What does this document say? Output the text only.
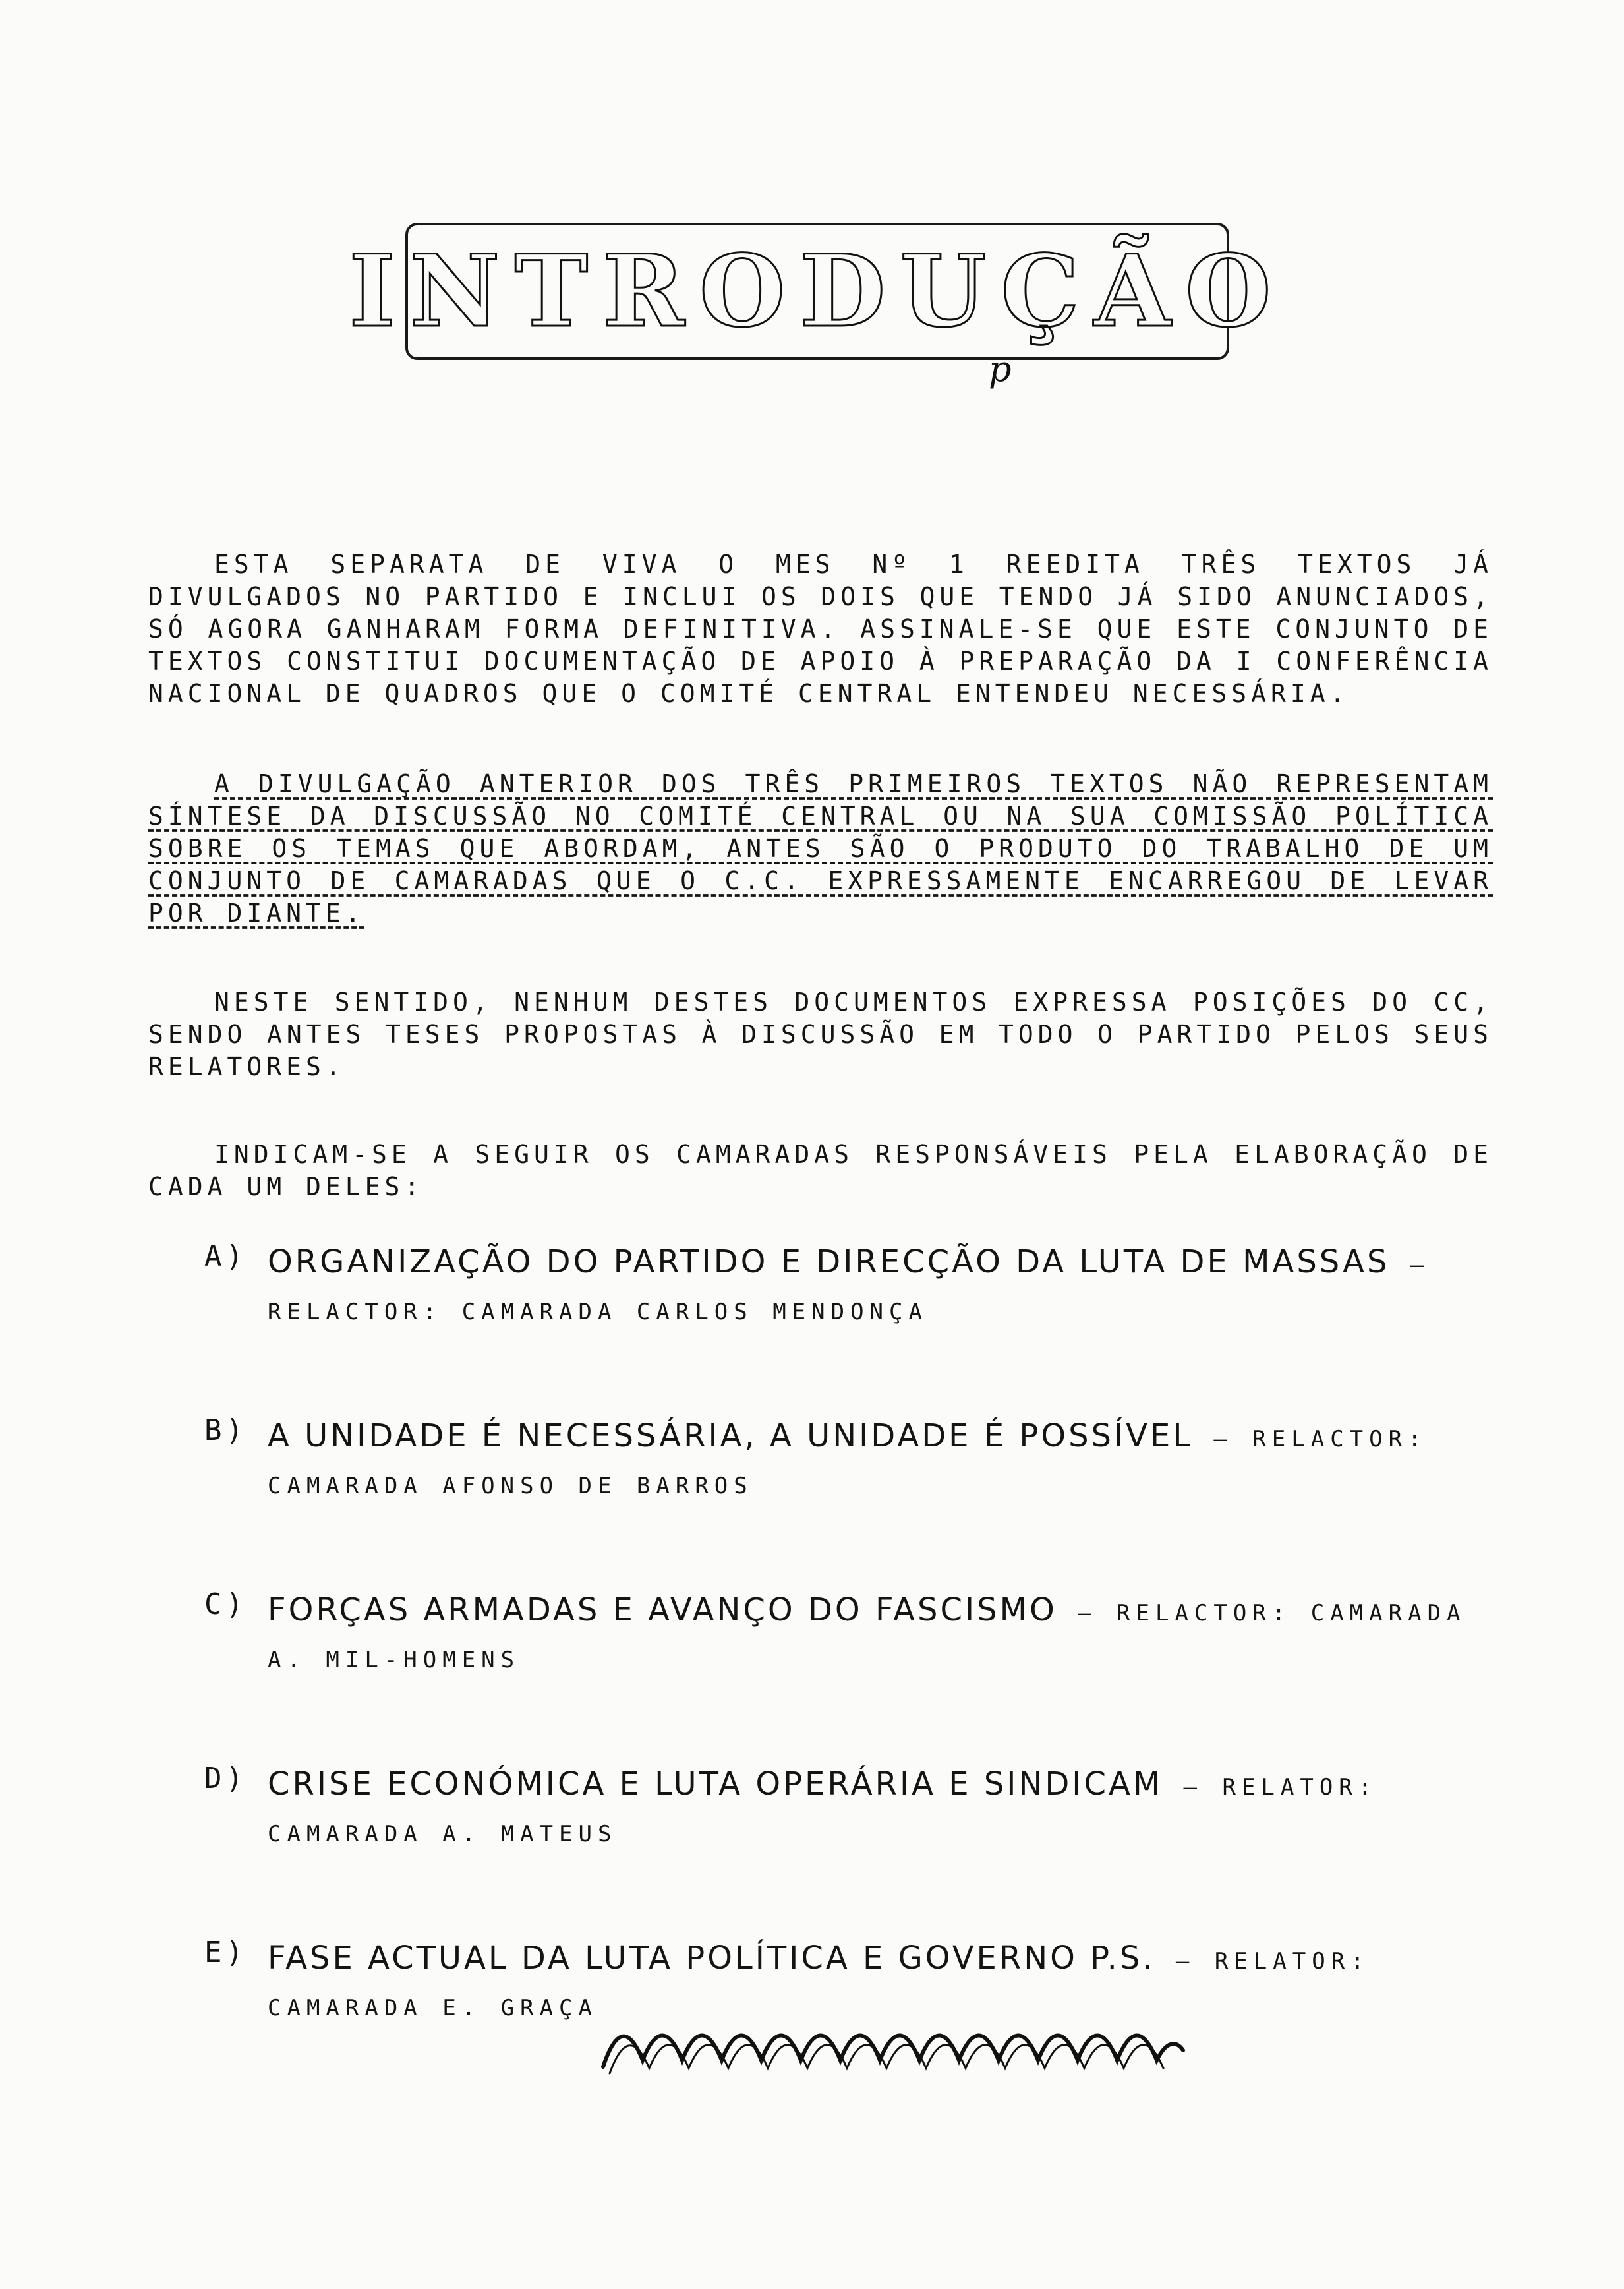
INTRODUÇÃO
p

ESTA SEPARATA DE VIVA O MES Nº 1 REEDITA TRÊS TEXTOS JÁ DIVULGADOS NO PARTIDO E INCLUI OS DOIS QUE TENDO JÁ SIDO ANUNCIADOS, SÓ AGORA GANHARAM FORMA DEFINITIVA. ASSINALE-SE QUE ESTE CONJUNTO DE TEXTOS CONSTITUI DOCUMENTAÇÃO DE APOIO À PREPARAÇÃO DA I CONFERÊNCIA NACIONAL DE QUADROS QUE O COMITÉ CENTRAL ENTENDEU NECESSÁRIA.

A DIVULGAÇÃO ANTERIOR DOS TRÊS PRIMEIROS TEXTOS NÃO REPRESENTAM SÍNTESE DA DISCUSSÃO NO COMITÉ CENTRAL OU NA SUA COMISSÃO POLÍTICA SOBRE OS TEMAS QUE ABORDAM, ANTES SÃO O PRODUTO DO TRABALHO DE UM CONJUNTO DE CAMARADAS QUE O C.C. EXPRESSAMENTE ENCARREGOU DE LEVAR POR DIANTE.

NESTE SENTIDO, NENHUM DESTES DOCUMENTOS EXPRESSA POSIÇÕES DO CC, SENDO ANTES TESES PROPOSTAS À DISCUSSÃO EM TODO O PARTIDO PELOS SEUS RELATORES.

INDICAM-SE A SEGUIR OS CAMARADAS RESPONSÁVEIS PELA ELABORAÇÃO DE CADA UM DELES:

A) ORGANIZAÇÃO DO PARTIDO E DIRECÇÃO DA LUTA DE MASSAS – RELACTOR: CAMARADA CARLOS MENDONÇA
B) A UNIDADE É NECESSÁRIA, A UNIDADE É POSSÍVEL – RELACTOR: CAMARADA AFONSO DE BARROS
C) FORÇAS ARMADAS E AVANÇO DO FASCISMO – RELACTOR: CAMARADA A. MIL-HOMENS
D) CRISE ECONÓMICA E LUTA OPERÁRIA E SINDICAM – RELATOR: CAMARADA A. MATEUS
E) FASE ACTUAL DA LUTA POLÍTICA E GOVERNO P.S. – RELATOR: CAMARADA E. GRAÇA
